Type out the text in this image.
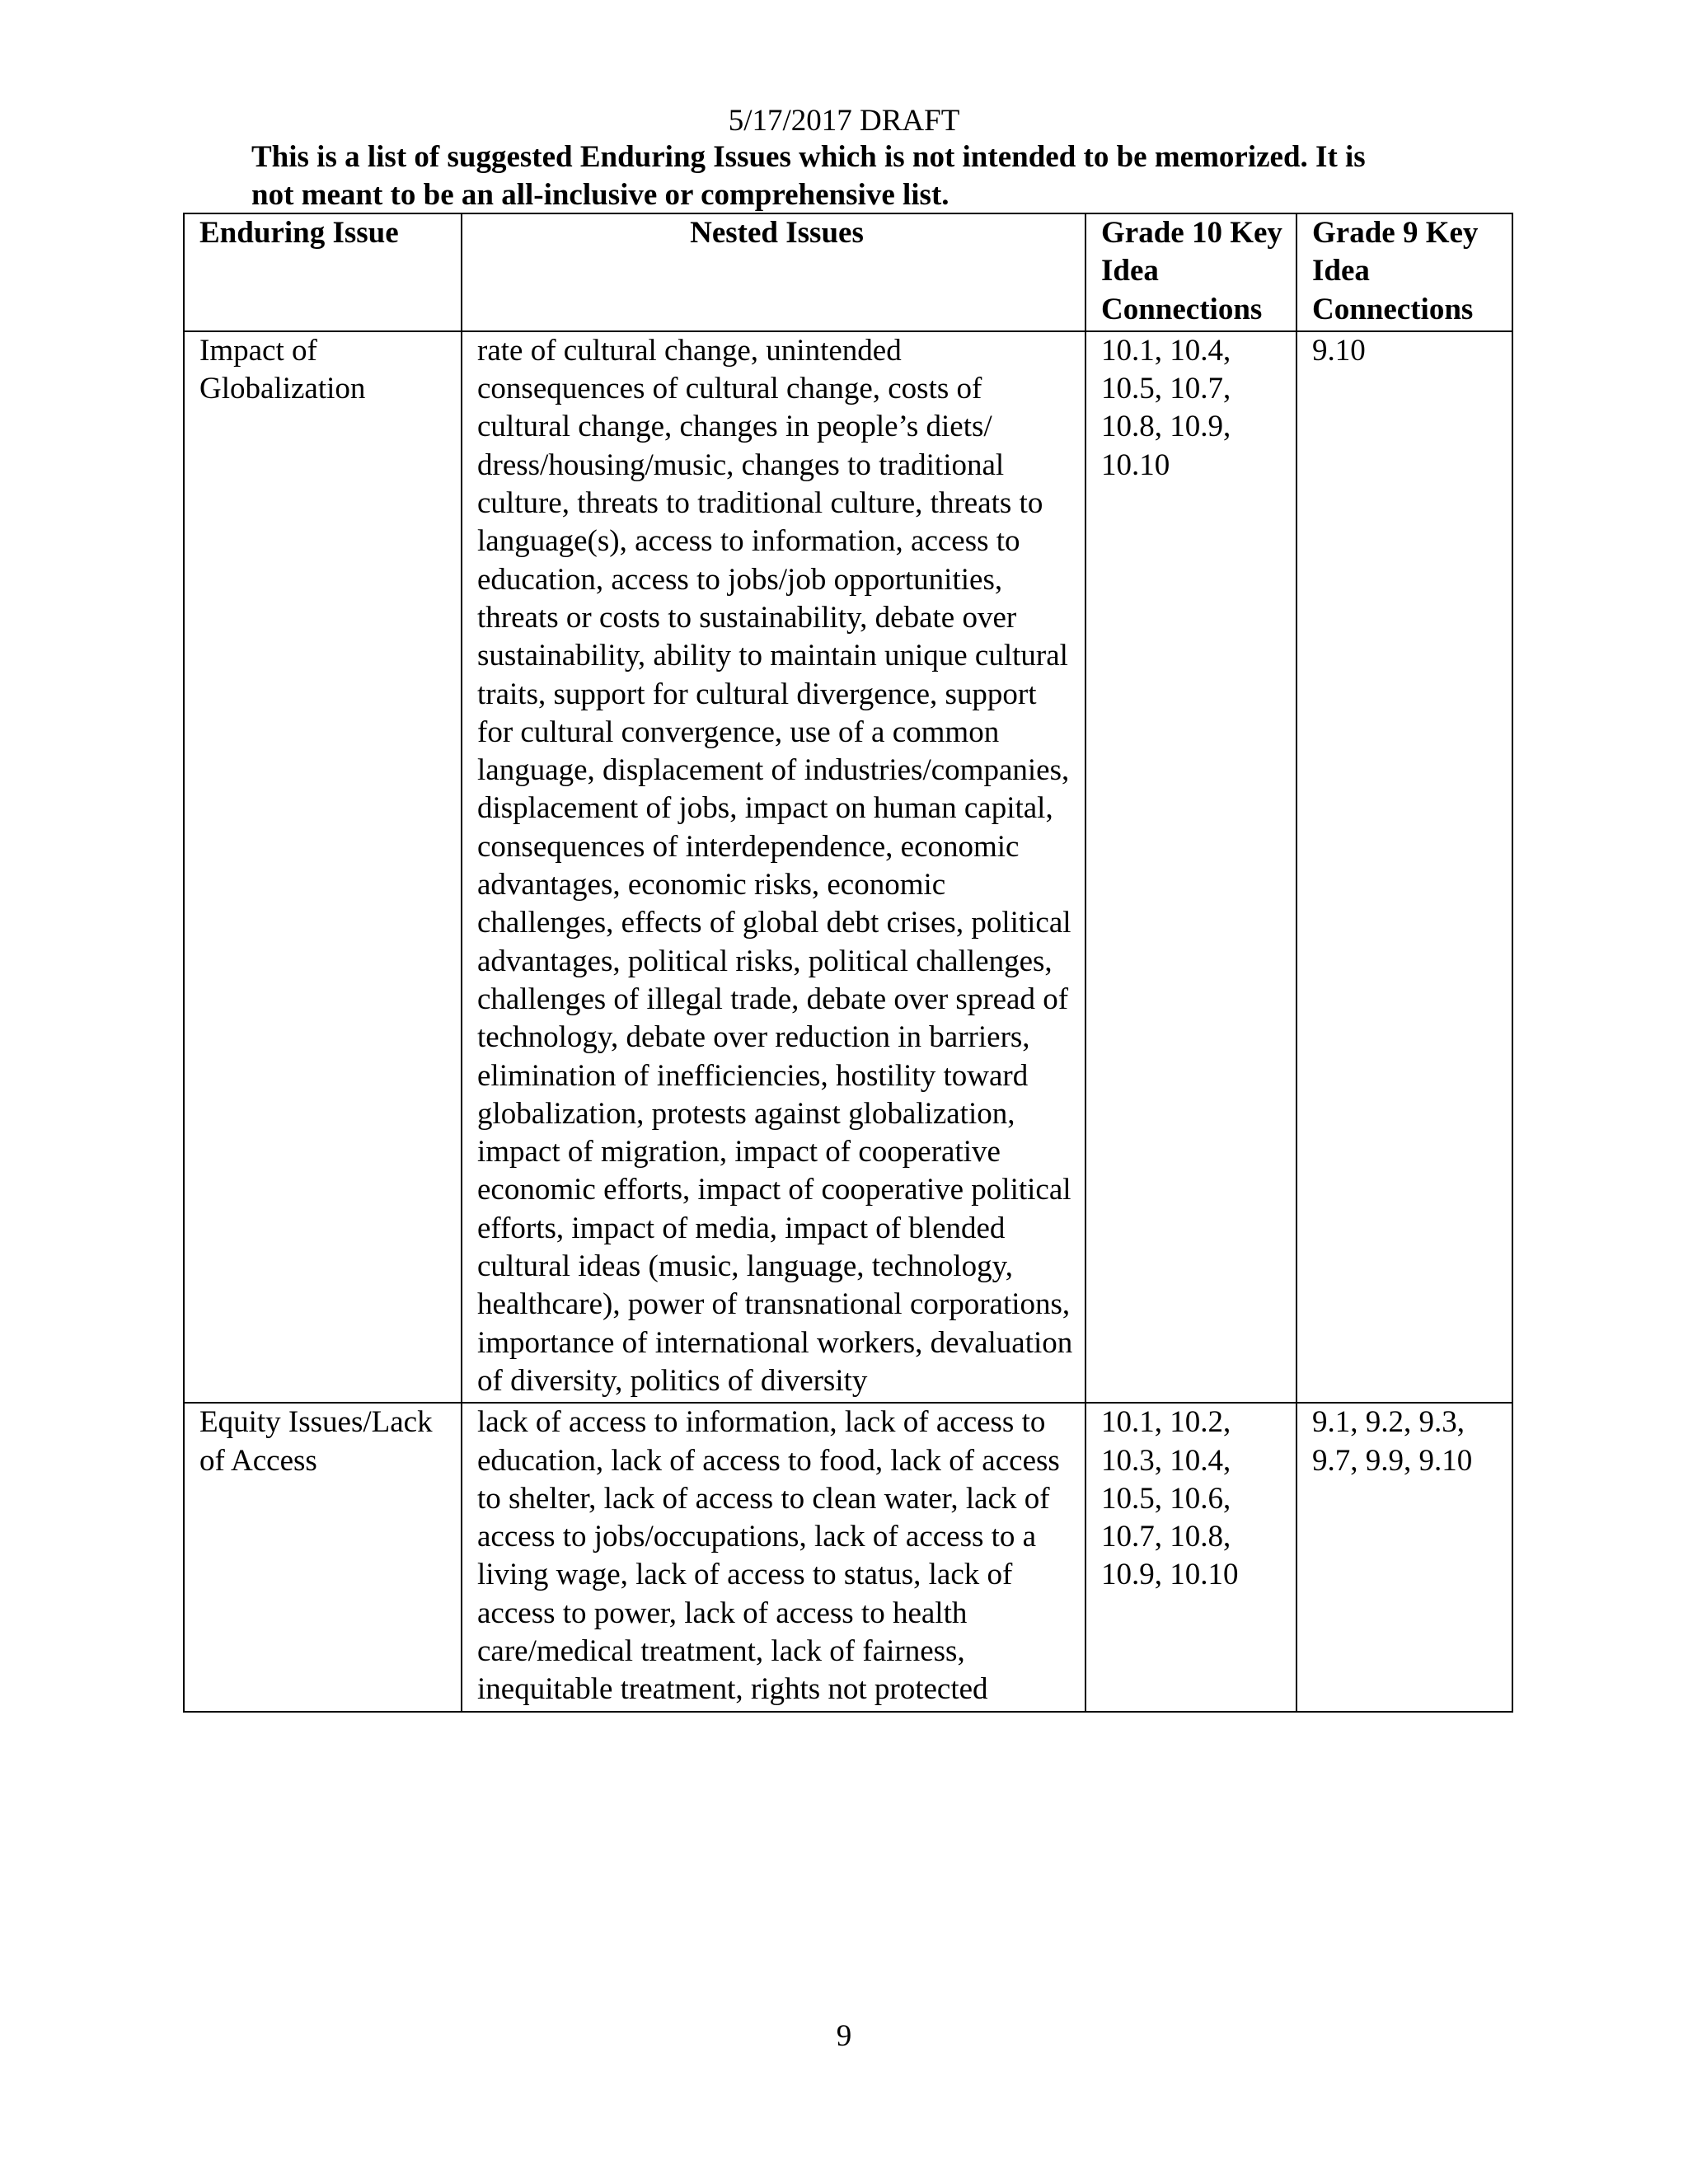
5/17/2017 DRAFT
This is a list of suggested Enduring Issues which is not intended to be memorized. It is
not meant to be an all-inclusive or comprehensive list.
Enduring Issue	Nested Issues	Grade 10 Key Idea Connections	Grade 9 Key Idea Connections
Impact of Globalization	rate of cultural change, unintended consequences of cultural change, costs of cultural change, changes in people’s diets/ dress/housing/music, changes to traditional culture, threats to traditional culture, threats to language(s), access to information, access to education, access to jobs/job opportunities, threats or costs to sustainability, debate over sustainability, ability to maintain unique cultural traits, support for cultural divergence, support for cultural convergence, use of a common language, displacement of industries/companies, displacement of jobs, impact on human capital, consequences of interdependence, economic advantages, economic risks, economic challenges, effects of global debt crises, political advantages, political risks, political challenges, challenges of illegal trade, debate over spread of technology, debate over reduction in barriers, elimination of inefficiencies, hostility toward globalization, protests against globalization, impact of migration, impact of cooperative economic efforts, impact of cooperative political efforts, impact of media, impact of blended cultural ideas (music, language, technology, healthcare), power of transnational corporations, importance of international workers, devaluation of diversity, politics of diversity	10.1, 10.4, 10.5, 10.7, 10.8, 10.9, 10.10	9.10
Equity Issues/Lack of Access	lack of access to information, lack of access to education, lack of access to food, lack of access to shelter, lack of access to clean water, lack of access to jobs/occupations, lack of access to a living wage, lack of access to status, lack of access to power, lack of access to health care/medical treatment, lack of fairness, inequitable treatment, rights not protected	10.1, 10.2, 10.3, 10.4, 10.5, 10.6, 10.7, 10.8, 10.9, 10.10	9.1, 9.2, 9.3, 9.7, 9.9, 9.10
9
